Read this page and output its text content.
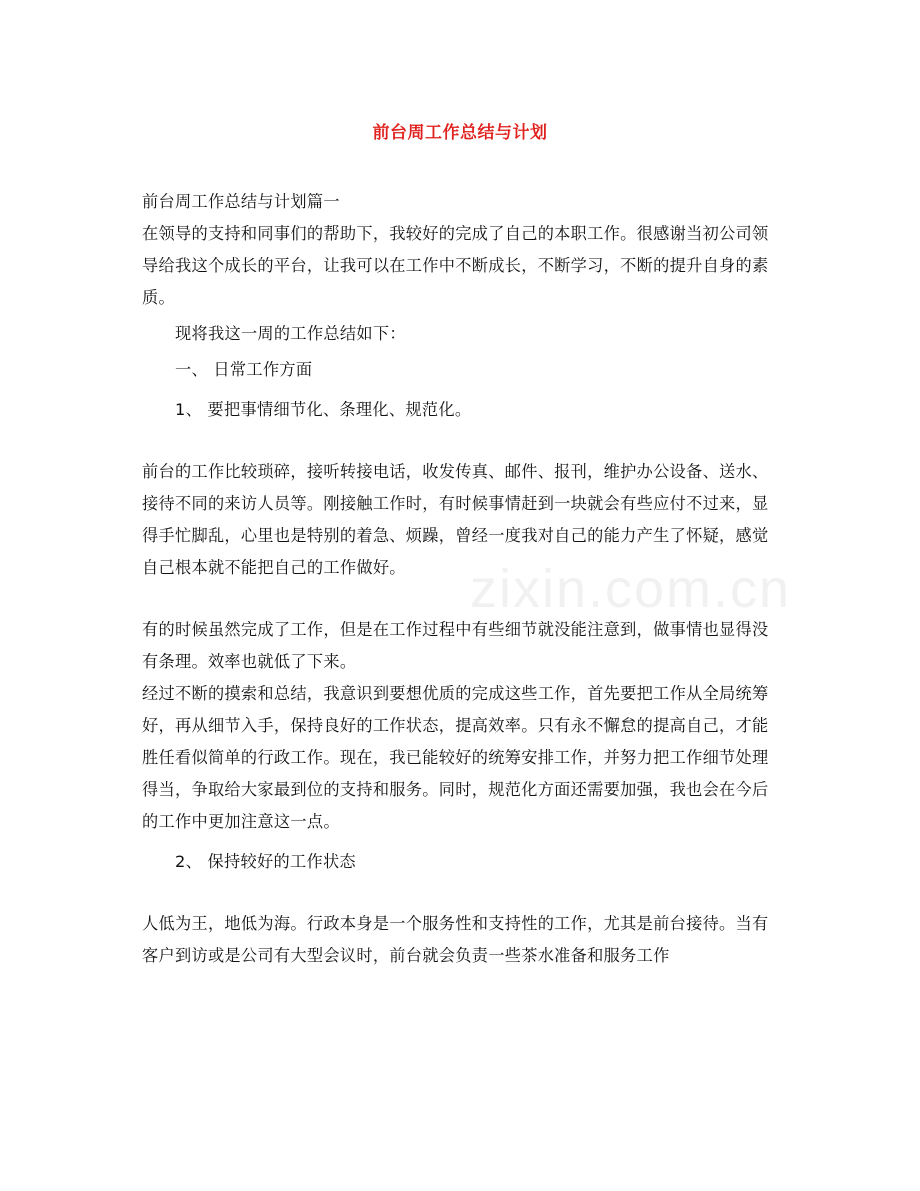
前台周工作总结与计划

前台周工作总结与计划篇一

在领导的支持和同事们的帮助下，我较好的完成了自己的本职工作。很感谢当初公司领导给我这个成长的平台，让我可以在工作中不断成长，不断学习，不断的提升自身的素质。

现将我这一周的工作总结如下：

一、 日常工作方面

1、 要把事情细节化、条理化、规范化。

前台的工作比较琐碎，接听转接电话，收发传真、邮件、报刊，维护办公设备、送水、接待不同的来访人员等。刚接触工作时，有时候事情赶到一块就会有些应付不过来，显得手忙脚乱，心里也是特别的着急、烦躁，曾经一度我对自己的能力产生了怀疑，感觉自己根本就不能把自己的工作做好。

有的时候虽然完成了工作，但是在工作过程中有些细节就没能注意到，做事情也显得没有条理。效率也就低了下来。

经过不断的摸索和总结，我意识到要想优质的完成这些工作，首先要把工作从全局统筹好，再从细节入手，保持良好的工作状态，提高效率。只有永不懈怠的提高自己，才能胜任看似简单的行政工作。现在，我已能较好的统筹安排工作，并努力把工作细节处理得当，争取给大家最到位的支持和服务。同时，规范化方面还需要加强，我也会在今后的工作中更加注意这一点。

2、 保持较好的工作状态

人低为王，地低为海。行政本身是一个服务性和支持性的工作，尤其是前台接待。当有客户到访或是公司有大型会议时，前台就会负责一些茶水准备和服务工作

zixin.com.cn
